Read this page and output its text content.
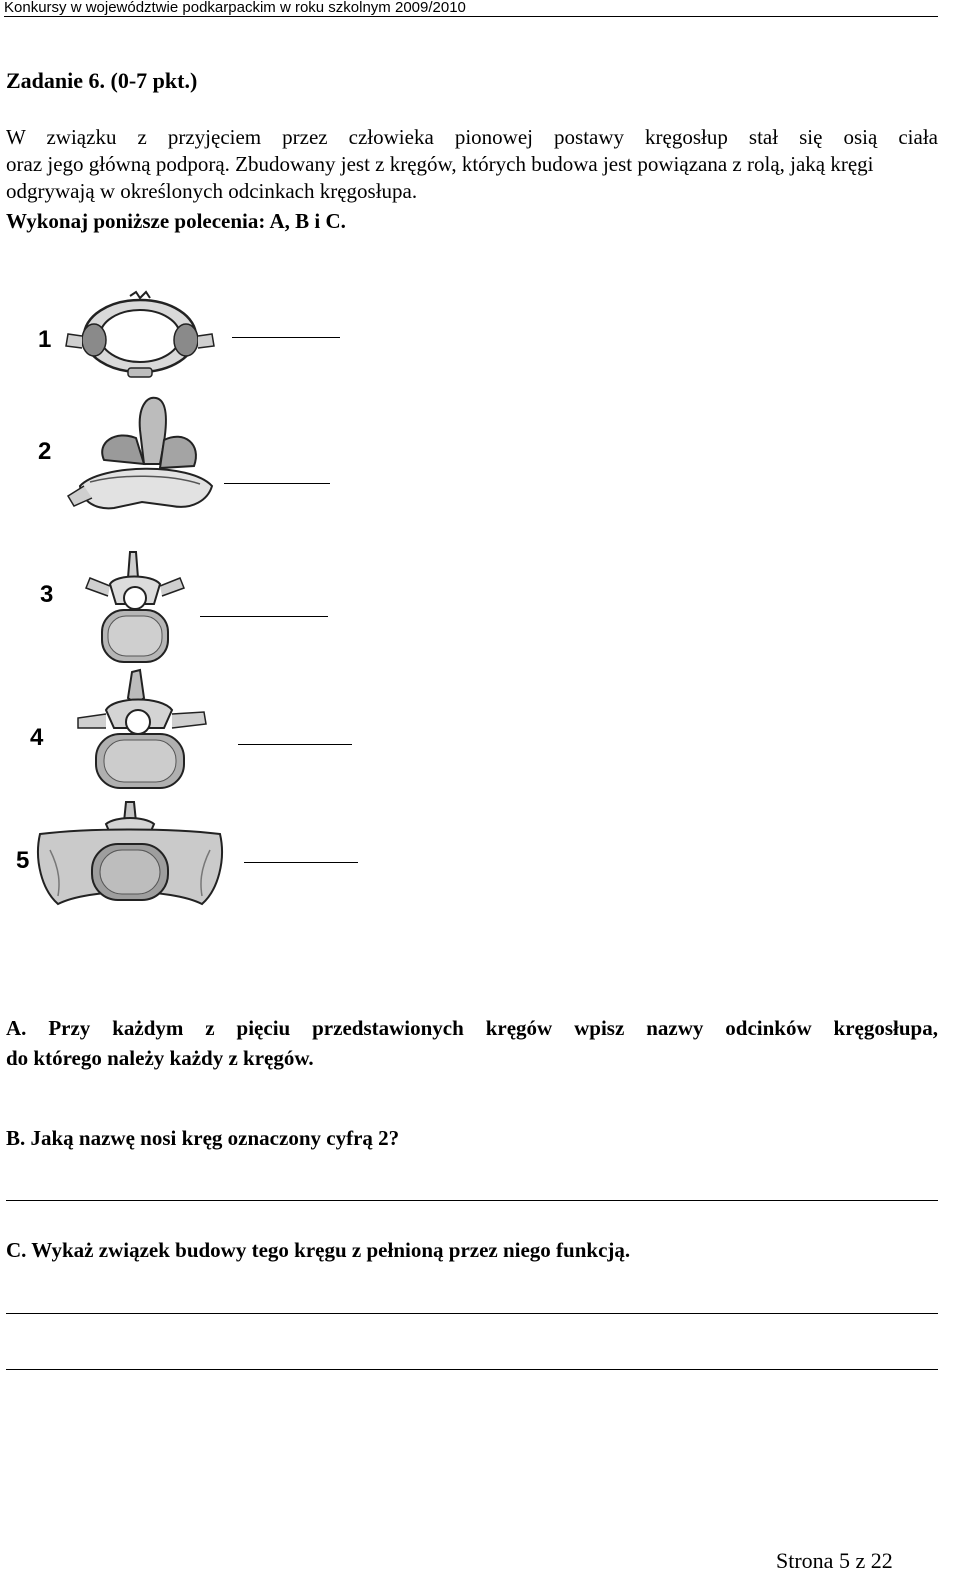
Konkursy w województwie podkarpackim w roku szkolnym 2009/2010
Zadanie 6. (0-7 pkt.)

W związku z przyjęciem przez człowieka pionowej postawy kręgosłup stał się osią ciała
oraz jego główną podporą. Zbudowany jest z kręgów, których budowa jest powiązana z rolą, jaką kręgi odgrywają w określonych odcinkach kręgosłupa.

Wykonaj poniższe polecenia: A, B i C.
1
2
3
4
5

A. Przy każdym z pięciu przedstawionych kręgów wpisz nazwy odcinków kręgosłupa,
do którego należy każdy z kręgów.

B. Jaką nazwę nosi kręg oznaczony cyfrą 2?
C. Wykaż związek budowy tego kręgu z pełnioną przez niego funkcją.
Strona 5 z 22
